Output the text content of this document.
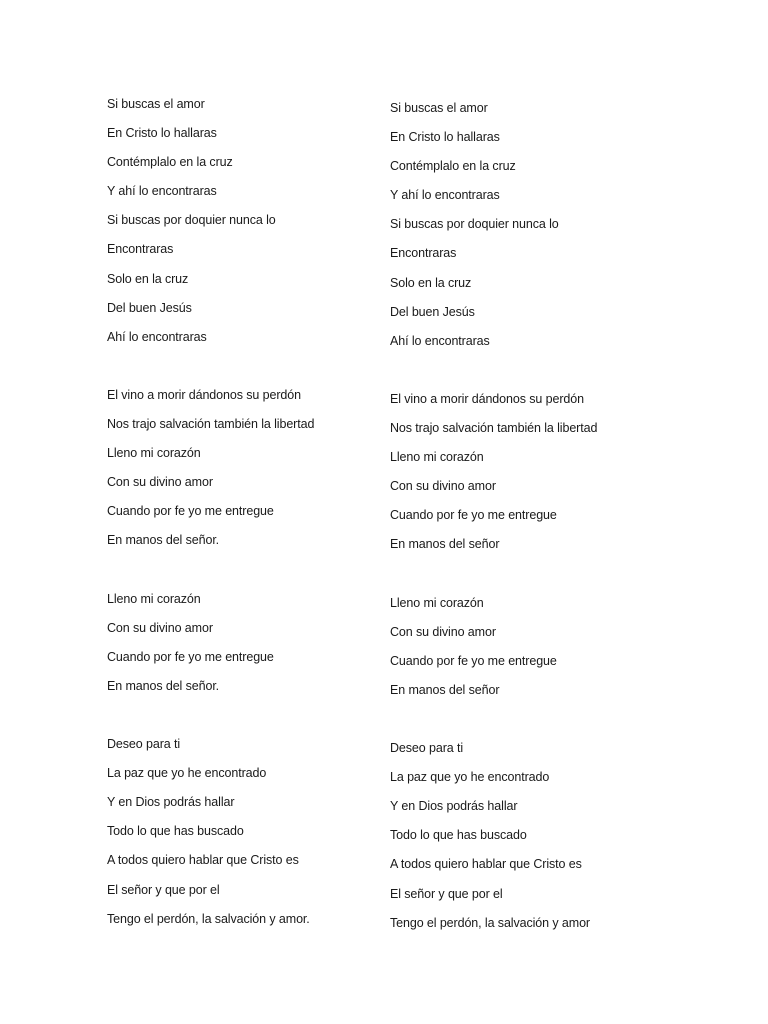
Si buscas el amor
En Cristo lo hallaras
Contémplalo en la cruz
Y ahí lo encontraras
Si buscas por doquier nunca lo
Encontraras
Solo en la cruz
Del buen Jesús
Ahí lo encontraras
El vino a morir dándonos su perdón
Nos trajo salvación también la libertad
Lleno mi corazón
Con su divino amor
Cuando por fe yo me entregue
En manos del señor.
Lleno mi corazón
Con su divino amor
Cuando por fe yo me entregue
En manos del señor.
Deseo para ti
La paz que yo he encontrado
Y en Dios podrás hallar
Todo lo que has buscado
A todos quiero hablar que Cristo es
El señor y que por el
Tengo el perdón, la salvación y amor.
Si buscas el amor
En Cristo lo hallaras
Contémplalo en la cruz
Y ahí lo encontraras
Si buscas por doquier nunca lo
Encontraras
Solo en la cruz
Del buen Jesús
Ahí lo encontraras
El vino a morir dándonos su perdón
Nos trajo salvación también la libertad
Lleno mi corazón
Con su divino amor
Cuando por fe yo me entregue
En manos del señor
Lleno mi corazón
Con su divino amor
Cuando por fe yo me entregue
En manos del señor
Deseo para ti
La paz que yo he encontrado
Y en Dios podrás hallar
Todo lo que has buscado
A todos quiero hablar que Cristo es
El señor y que por el
Tengo el perdón, la salvación y amor
